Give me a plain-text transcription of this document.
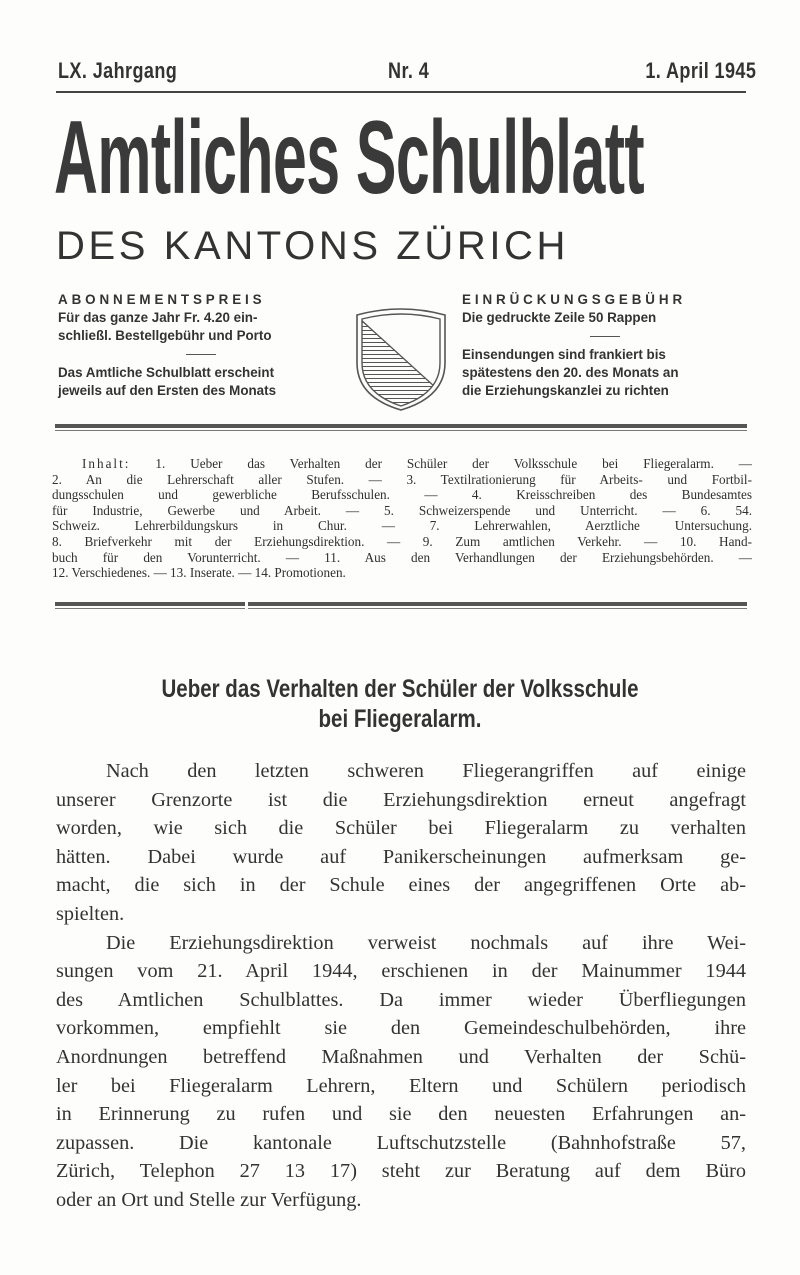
LX. Jahrgang	Nr. 4	1. April 1945
Amtliches Schulblatt
DES KANTONS ZÜRICH
ABONNEMENTSPREIS
Für das ganze Jahr Fr. 4.20 ein-
schließl. Bestellgebühr und Porto
Das Amtliche Schulblatt erscheint
jeweils auf den Ersten des Monats
EINRÜCKUNGSGEBÜHR
Die gedruckte Zeile 50 Rappen
Einsendungen sind frankiert bis
spätestens den 20. des Monats an
die Erziehungskanzlei zu richten
Inhalt: 1. Ueber das Verhalten der Schüler der Volksschule bei Fliegeralarm. —
2. An die Lehrerschaft aller Stufen. — 3. Textilrationierung für Arbeits- und Fortbil-
dungsschulen und gewerbliche Berufsschulen. — 4. Kreisschreiben des Bundesamtes
für Industrie, Gewerbe und Arbeit. — 5. Schweizerspende und Unterricht. — 6. 54.
Schweiz. Lehrerbildungskurs in Chur. — 7. Lehrerwahlen, Aerztliche Untersuchung.
8. Briefverkehr mit der Erziehungsdirektion. — 9. Zum amtlichen Verkehr. — 10. Hand-
buch für den Vorunterricht. — 11. Aus den Verhandlungen der Erziehungsbehörden. —
12. Verschiedenes. — 13. Inserate. — 14. Promotionen.
Ueber das Verhalten der Schüler der Volksschule
bei Fliegeralarm.
Nach den letzten schweren Fliegerangriffen auf einige
unserer Grenzorte ist die Erziehungsdirektion erneut angefragt
worden, wie sich die Schüler bei Fliegeralarm zu verhalten
hätten. Dabei wurde auf Panikerscheinungen aufmerksam ge-
macht, die sich in der Schule eines der angegriffenen Orte ab-
spielten.
Die Erziehungsdirektion verweist nochmals auf ihre Wei-
sungen vom 21. April 1944, erschienen in der Mainummer 1944
des Amtlichen Schulblattes. Da immer wieder Überfliegungen
vorkommen, empfiehlt sie den Gemeindeschulbehörden, ihre
Anordnungen betreffend Maßnahmen und Verhalten der Schü-
ler bei Fliegeralarm Lehrern, Eltern und Schülern periodisch
in Erinnerung zu rufen und sie den neuesten Erfahrungen an-
zupassen. Die kantonale Luftschutzstelle (Bahnhofstraße 57,
Zürich, Telephon 27 13 17) steht zur Beratung auf dem Büro
oder an Ort und Stelle zur Verfügung.
